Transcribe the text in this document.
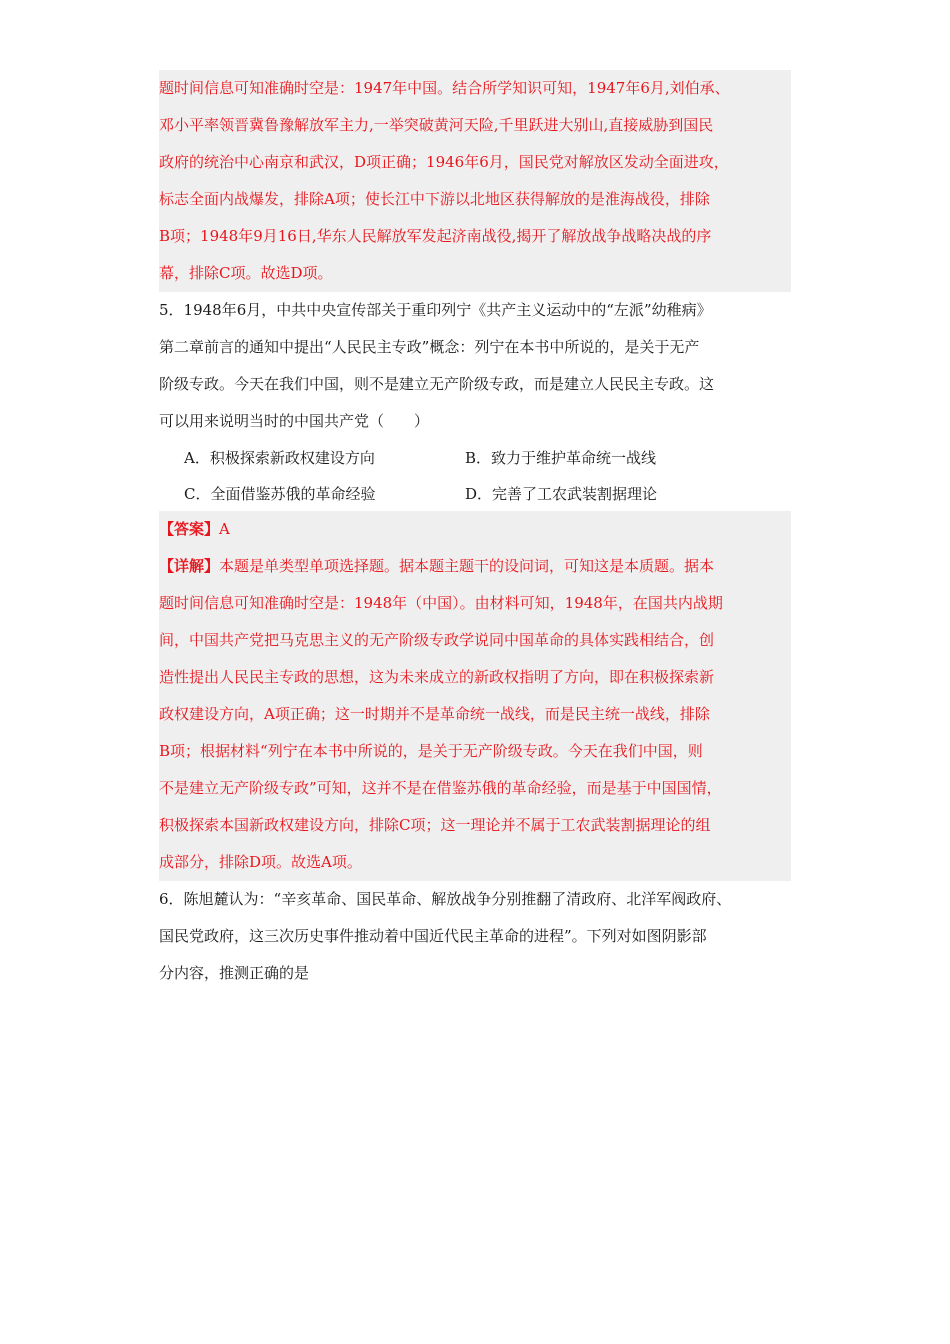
题时间信息可知准确时空是：1947年中国。结合所学知识可知，1947年6月,刘伯承、
邓小平率领晋冀鲁豫解放军主力,一举突破黄河天险,千里跃进大别山,直接威胁到国民
政府的统治中心南京和武汉，D项正确；1946年6月，国民党对解放区发动全面进攻，
标志全面内战爆发，排除A项；使长江中下游以北地区获得解放的是淮海战役，排除
B项；1948年9月16日,华东人民解放军发起济南战役,揭开了解放战争战略决战的序
幕，排除C项。故选D项。
5．1948年6月，中共中央宣传部关于重印列宁《共产主义运动中的“左派”幼稚病》
第二章前言的通知中提出“人民民主专政”概念：列宁在本书中所说的，是关于无产
阶级专政。今天在我们中国，则不是建立无产阶级专政，而是建立人民民主专政。这
可以用来说明当时的中国共产党（　　）
A．积极探索新政权建设方向	B．致力于维护革命统一战线
C．全面借鉴苏俄的革命经验	D．完善了工农武装割据理论
【答案】A
【详解】本题是单类型单项选择题。据本题主题干的设问词，可知这是本质题。据本
题时间信息可知准确时空是：1948年（中国）。由材料可知，1948年，在国共内战期
间，中国共产党把马克思主义的无产阶级专政学说同中国革命的具体实践相结合，创
造性提出人民民主专政的思想，这为未来成立的新政权指明了方向，即在积极探索新
政权建设方向，A项正确；这一时期并不是革命统一战线，而是民主统一战线，排除
B项；根据材料“列宁在本书中所说的，是关于无产阶级专政。今天在我们中国，则
不是建立无产阶级专政”可知，这并不是在借鉴苏俄的革命经验，而是基于中国国情，
积极探索本国新政权建设方向，排除C项；这一理论并不属于工农武装割据理论的组
成部分，排除D项。故选A项。
6．陈旭麓认为：“辛亥革命、国民革命、解放战争分别推翻了清政府、北洋军阀政府、
国民党政府，这三次历史事件推动着中国近代民主革命的进程”。下列对如图阴影部
分内容，推测正确的是
